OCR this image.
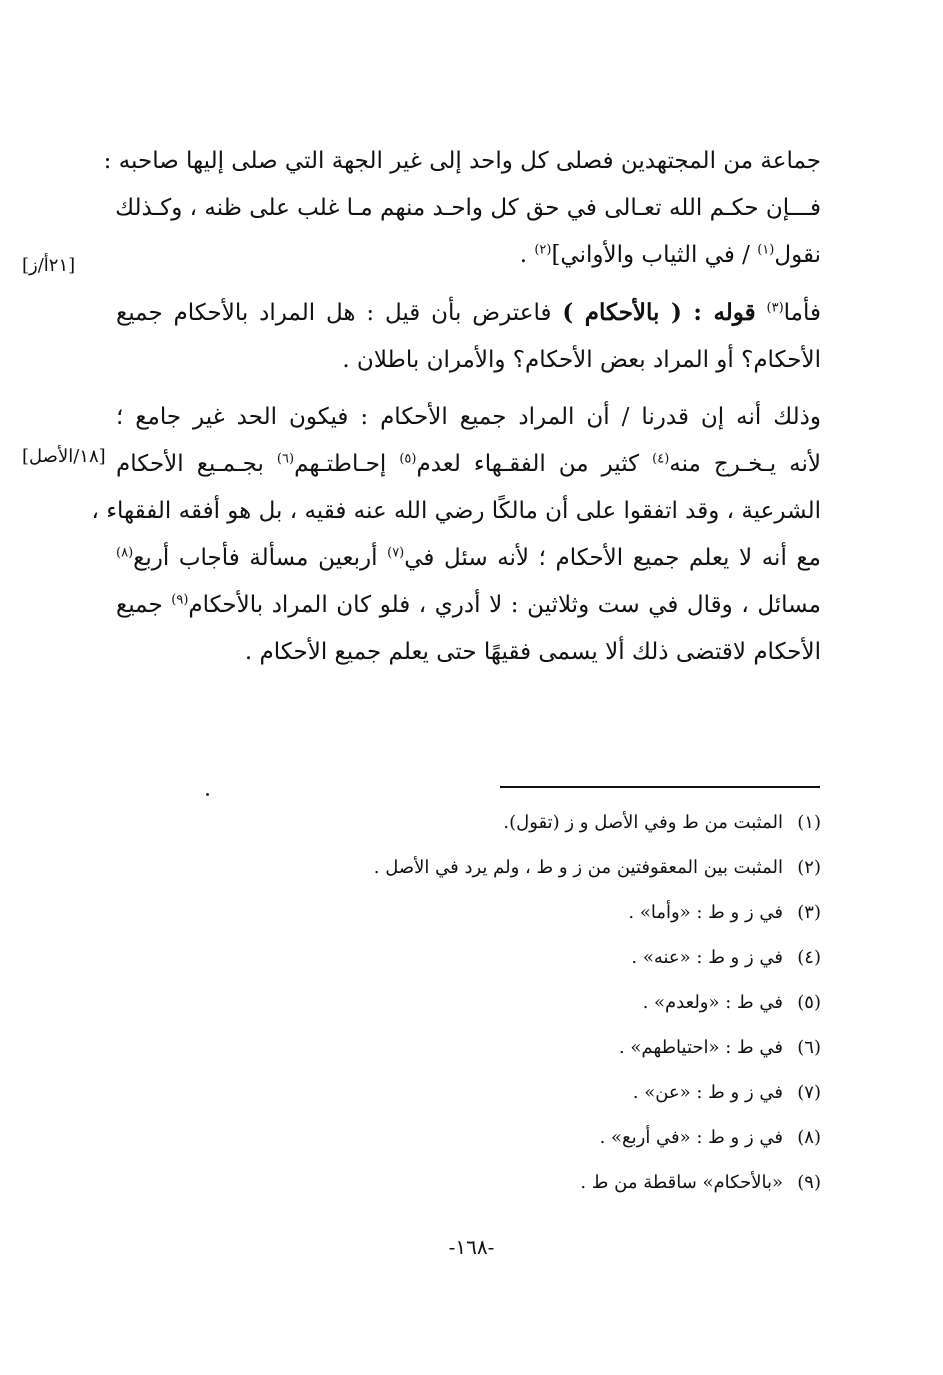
[٢١أ/ز]
[١٨/الأصل]

جماعة من المجتهدين فصلى كل واحد إلى غير الجهة التي صلى إليها صاحبه :
فـــإن حكـم الله تعـالى في حق كل واحـد منهم مـا غلب على ظنه ، وكـذلك
نقول$^{(١)}$ / في الثياب والأواني]$^{(٢)}$ .

فأما$^{(٣)}$ قوله : ( بالأحكام ) فاعترض بأن قيل : هل المراد بالأحكام جميع
الأحكام؟ أو المراد بعض الأحكام؟ والأمران باطلان .

وذلك أنه إن قدرنا / أن المراد جميع الأحكام : فيكون الحد غير جامع ؛
لأنه يـخـرج منه$^{(٤)}$ كثير من الفقـهاء لعدم$^{(٥)}$ إحـاطتـهم$^{(٦)}$ بجـمـيع الأحكام
الشرعية ، وقد اتفقوا على أن مالكًا رضي الله عنه فقيه ، بل هو أفقه الفقهاء ،
مع أنه لا يعلم جميع الأحكام ؛ لأنه سئل في$^{(٧)}$ أربعين مسألة فأجاب أربع$^{(٨)}$
مسائل ، وقال في ست وثلاثين : لا أدري ، فلو كان المراد بالأحكام$^{(٩)}$ جميع
الأحكام لاقتضى ذلك ألا يسمى فقيهًا حتى يعلم جميع الأحكام .

(١)المثبت من ط وفي الأصل و ز (تقول).
(٢)المثبت بين المعقوفتين من ز و ط ، ولم يرد في الأصل .
(٣)في ز و ط : «وأما» .
(٤)في ز و ط : «عنه» .
(٥)في ط : «ولعدم» .
(٦)في ط : «احتياطهم» .
(٧)في ز و ط : «عن» .
(٨)في ز و ط : «في أربع» .
(٩)«بالأحكام» ساقطة من ط .
-١٦٨-
